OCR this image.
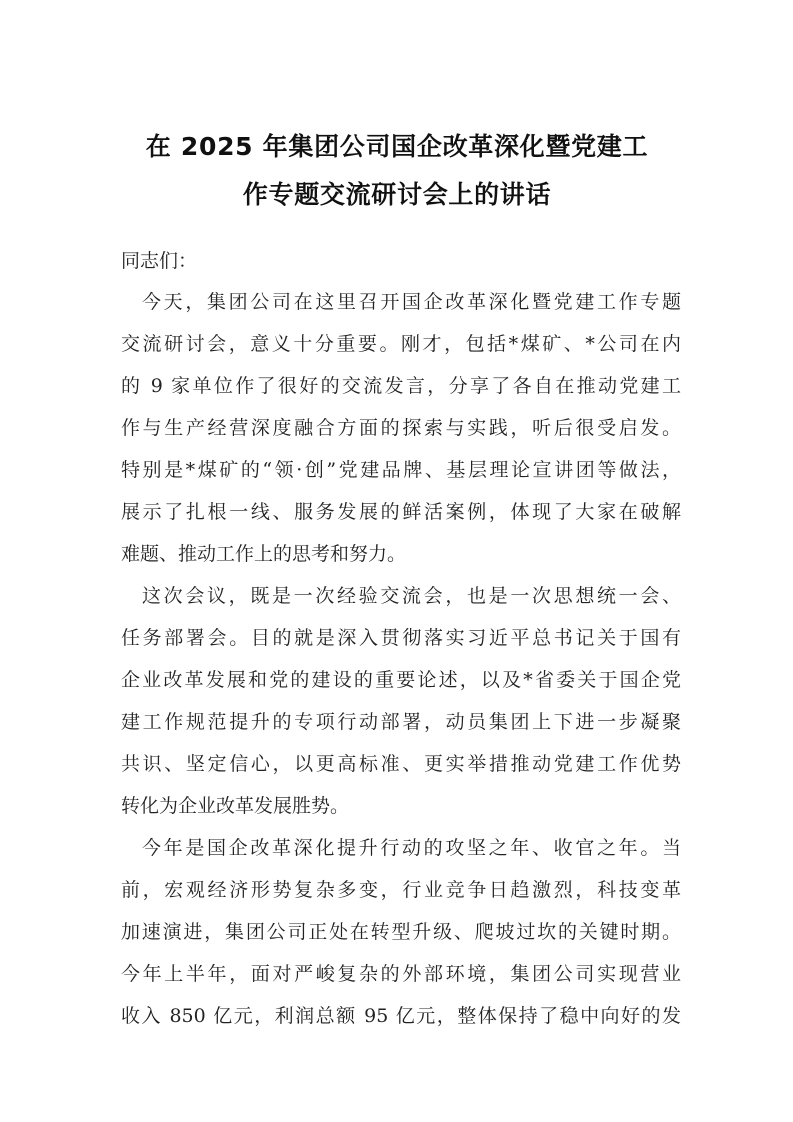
在 2025 年集团公司国企改革深化暨党建工
作专题交流研讨会上的讲话
同志们：
今天，集团公司在这里召开国企改革深化暨党建工作专题
交流研讨会，意义十分重要。刚才，包括*煤矿、*公司在内
的 9 家单位作了很好的交流发言，分享了各自在推动党建工
作与生产经营深度融合方面的探索与实践，听后很受启发。
特别是*煤矿的“领·创”党建品牌、基层理论宣讲团等做法，
展示了扎根一线、服务发展的鲜活案例，体现了大家在破解
难题、推动工作上的思考和努力。
这次会议，既是一次经验交流会，也是一次思想统一会、
任务部署会。目的就是深入贯彻落实习近平总书记关于国有
企业改革发展和党的建设的重要论述，以及*省委关于国企党
建工作规范提升的专项行动部署，动员集团上下进一步凝聚
共识、坚定信心，以更高标准、更实举措推动党建工作优势
转化为企业改革发展胜势。
今年是国企改革深化提升行动的攻坚之年、收官之年。当
前，宏观经济形势复杂多变，行业竞争日趋激烈，科技变革
加速演进，集团公司正处在转型升级、爬坡过坎的关键时期。
今年上半年，面对严峻复杂的外部环境，集团公司实现营业
收入 850 亿元，利润总额 95 亿元，整体保持了稳中向好的发
